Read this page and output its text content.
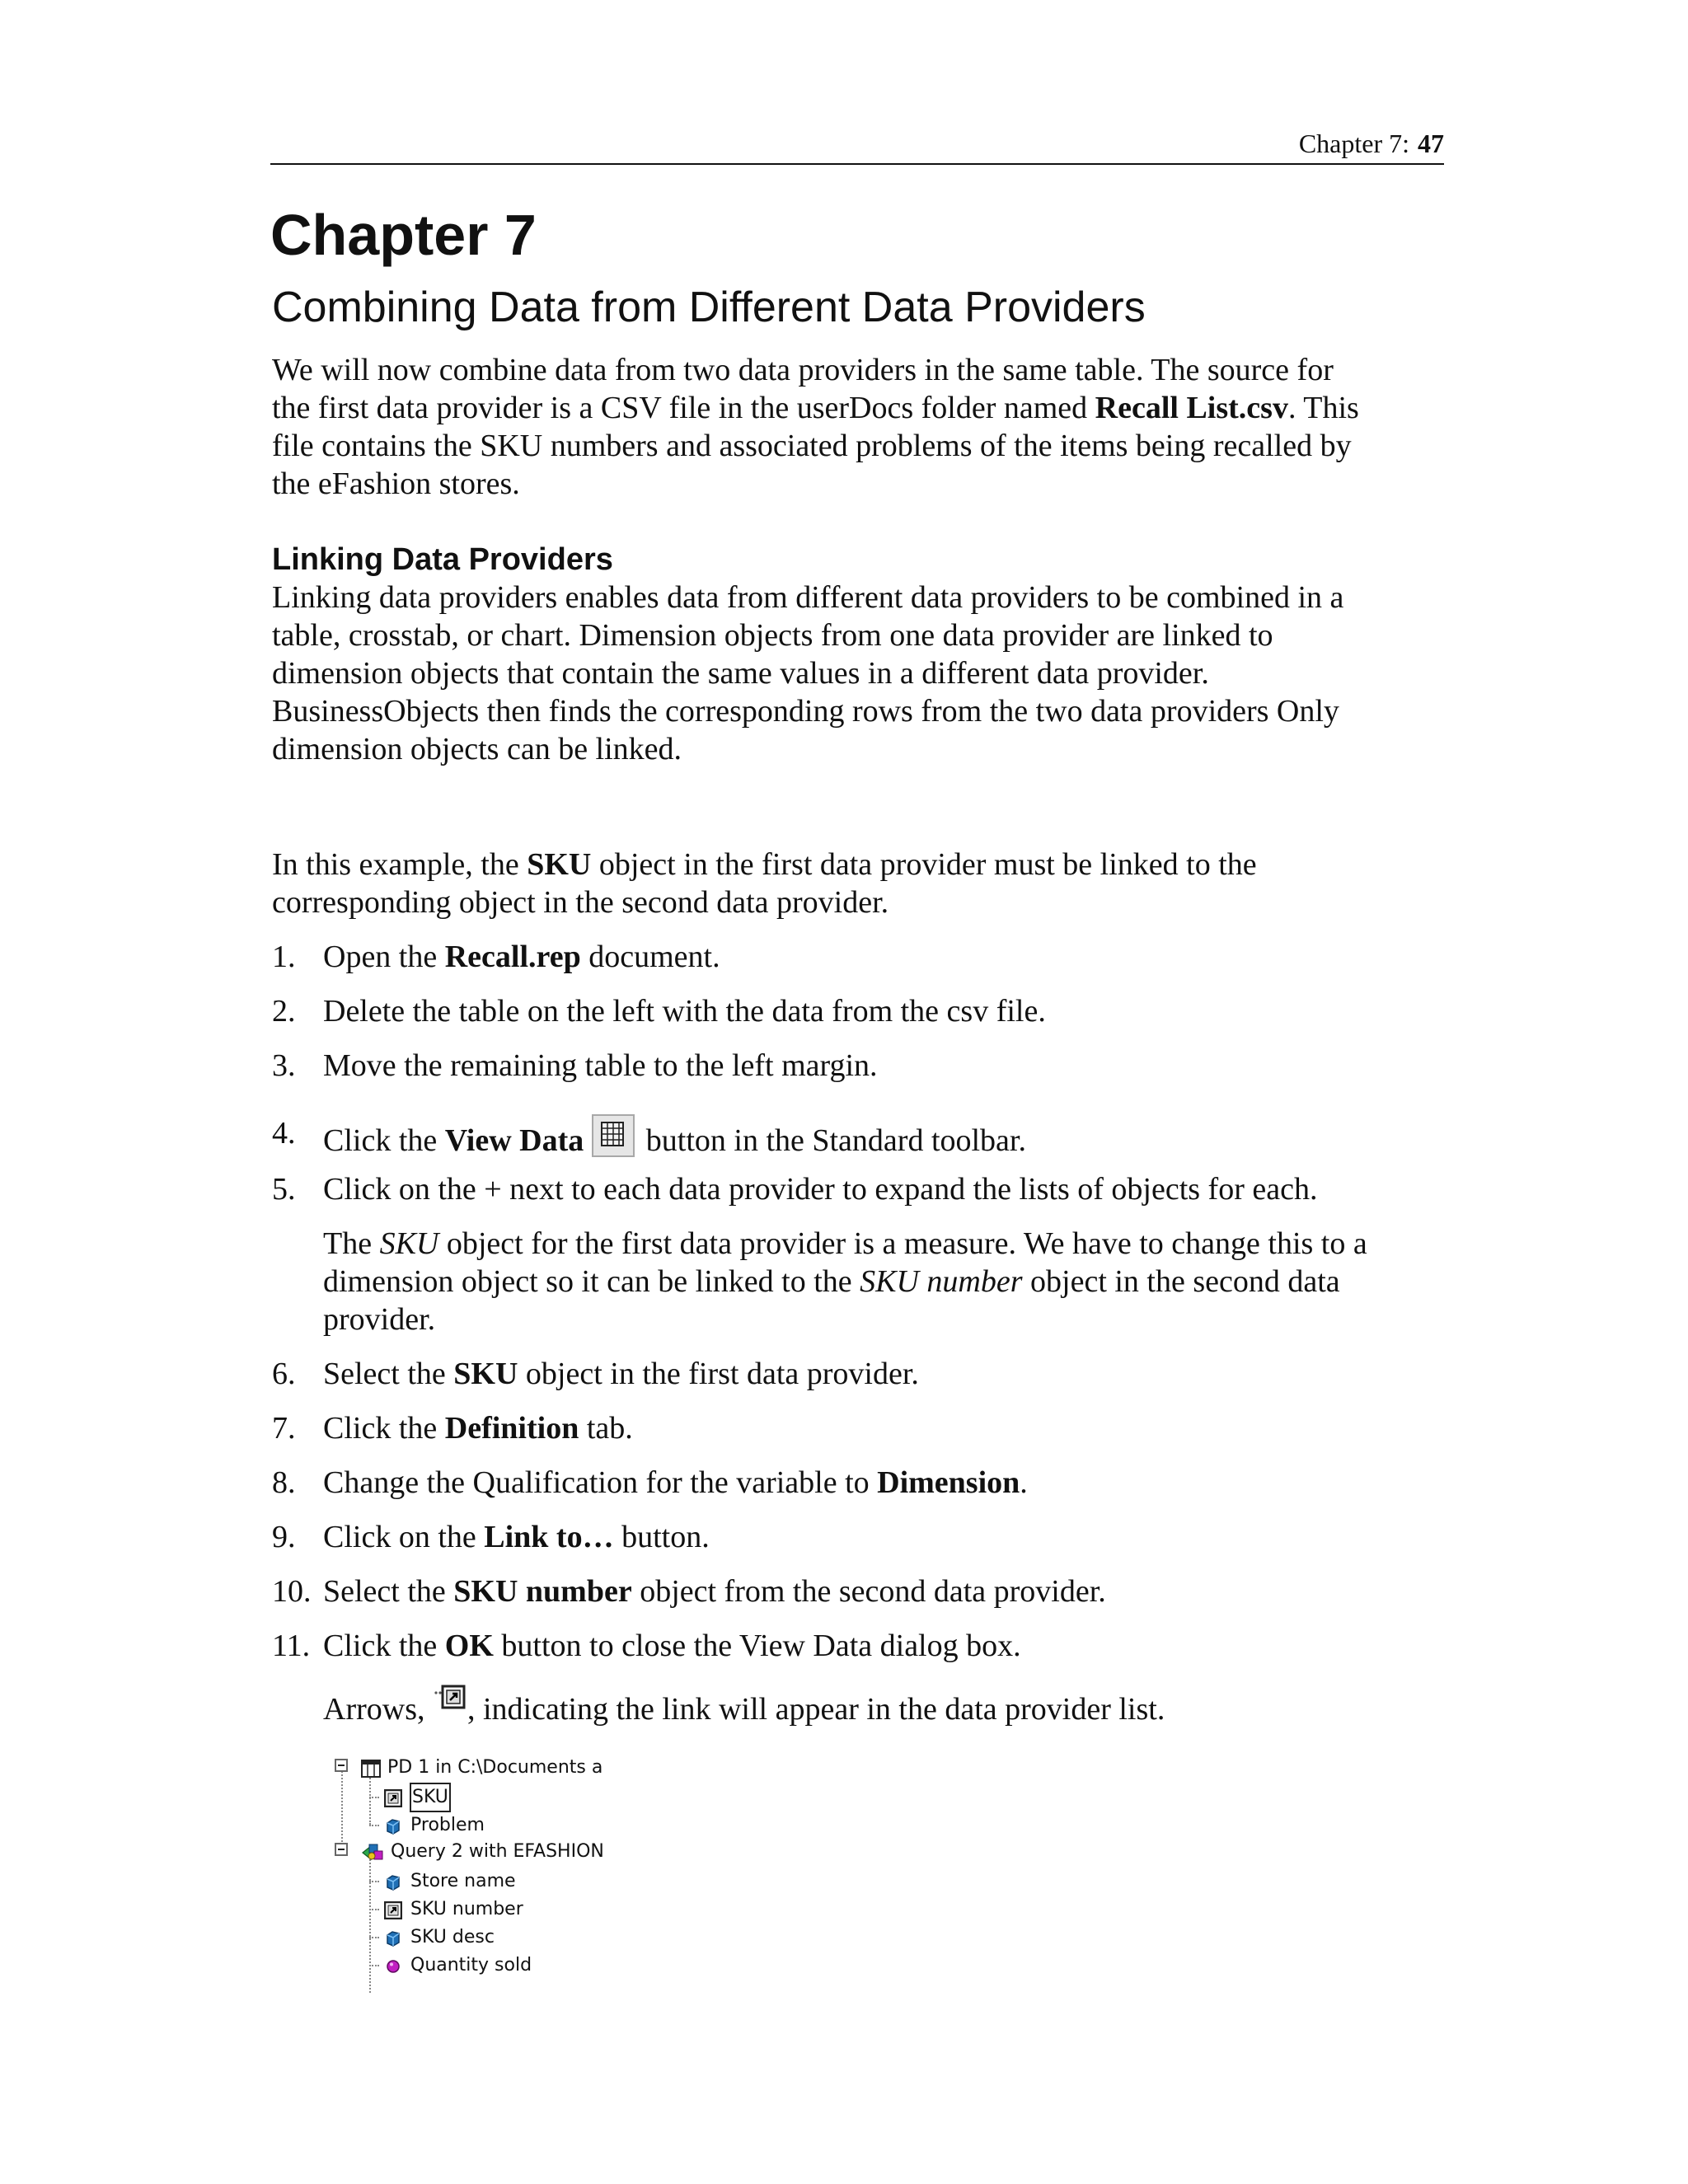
Chapter 7: 47
Chapter 7
Combining Data from Different Data Providers
We will now combine data from two data providers in the same table. The source for
the first data provider is a CSV file in the userDocs folder named Recall List.csv. This
file contains the SKU numbers and associated problems of the items being recalled by
the eFashion stores.
Linking Data Providers
Linking data providers enables data from different data providers to be combined in a
table, crosstab, or chart. Dimension objects from one data provider are linked to
dimension objects that contain the same values in a different data provider.
BusinessObjects then finds the corresponding rows from the two data providers Only
dimension objects can be linked.
In this example, the SKU object in the first data provider must be linked to the
corresponding object in the second data provider.
1. Open the Recall.rep document.
2. Delete the table on the left with the data from the csv file.
3. Move the remaining table to the left margin.
4. Click the View Data button in the Standard toolbar.
5. Click on the + next to each data provider to expand the lists of objects for each.
The SKU object for the first data provider is a measure. We have to change this to a
dimension object so it can be linked to the SKU number object in the second data
provider.
6. Select the SKU object in the first data provider.
7. Click the Definition tab.
8. Change the Qualification for the variable to Dimension.
9. Click on the Link to… button.
10. Select the SKU number object from the second data provider.
11. Click the OK button to close the View Data dialog box.
Arrows, , indicating the link will appear in the data provider list.
PD 1 in C:\Documents a
SKU
Problem
Query 2 with EFASHION
Store name
SKU number
SKU desc
Quantity sold
